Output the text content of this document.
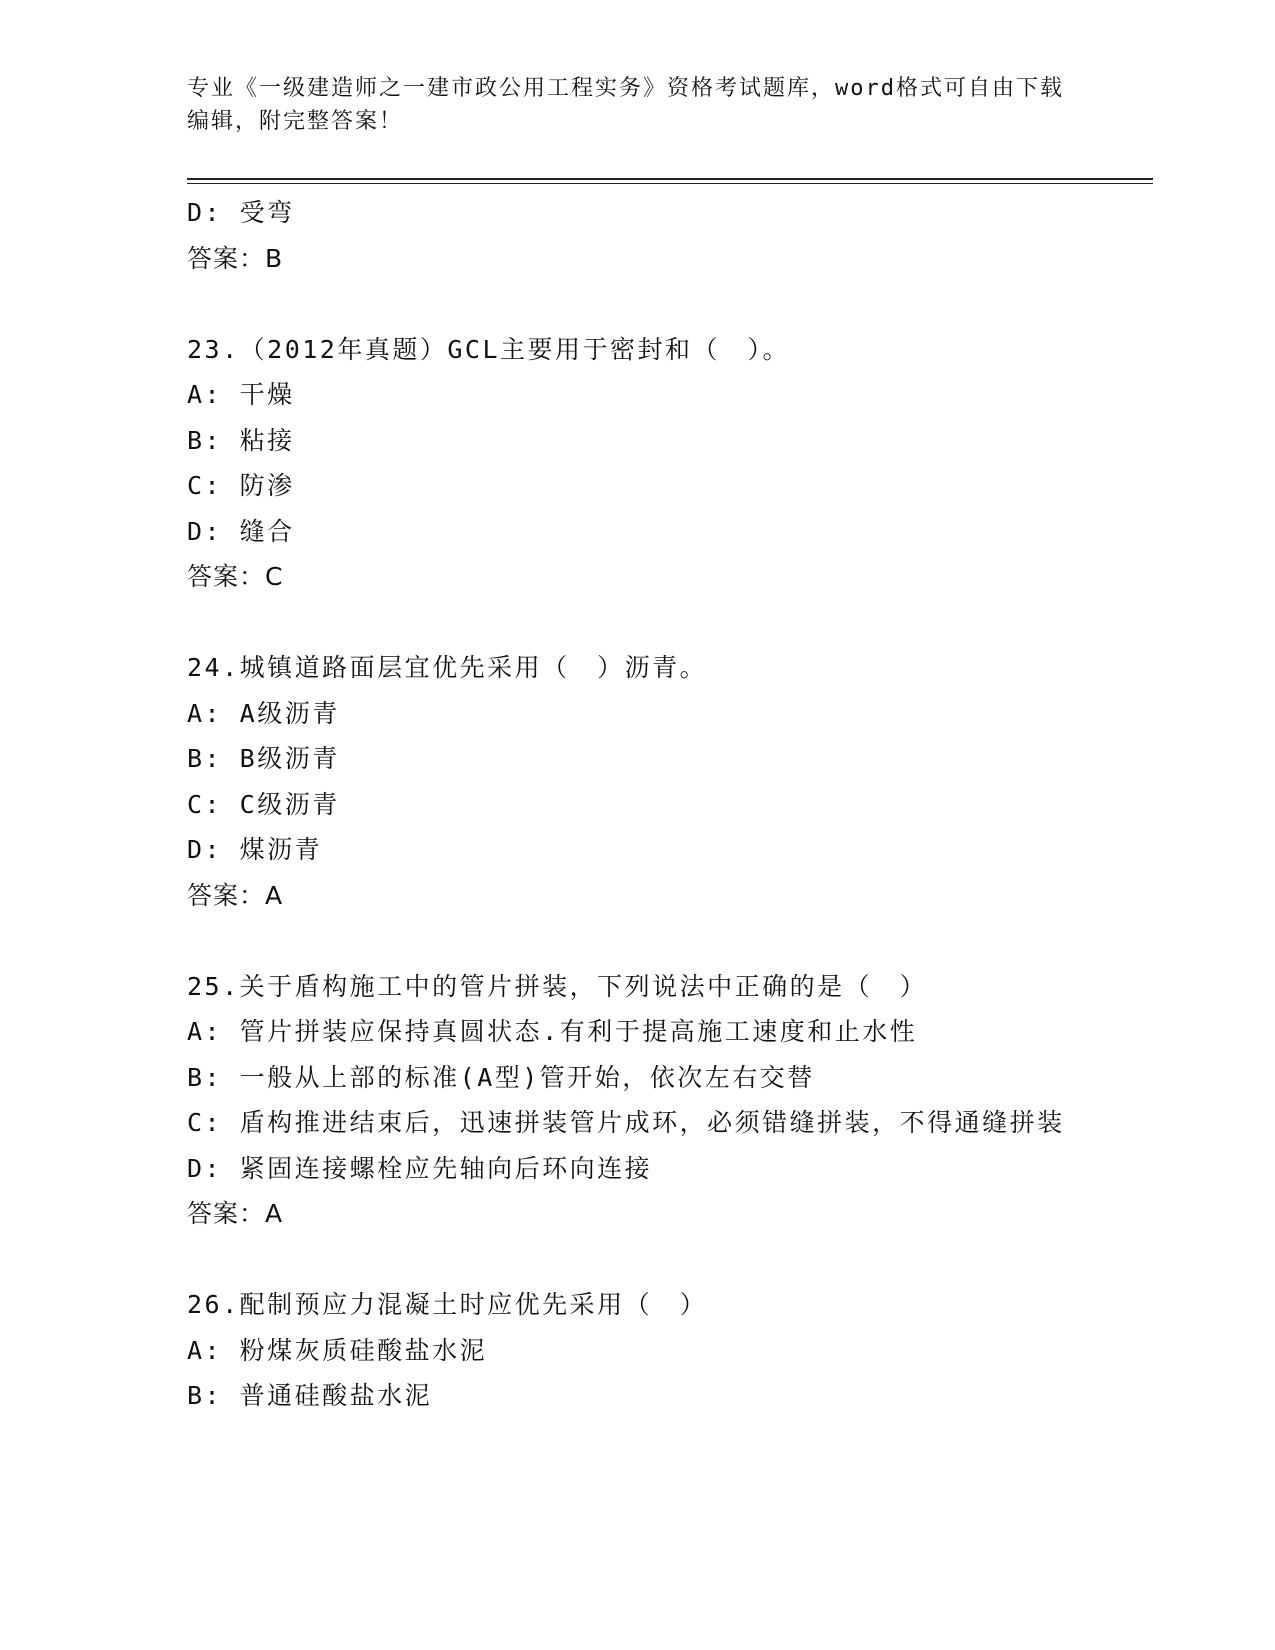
专业《一级建造师之一建市政公用工程实务》资格考试题库，word格式可自由下载编辑，附完整答案！
D: 受弯
答案：B
23.（2012年真题）GCL主要用于密封和（　）。
A: 干燥
B: 粘接
C: 防渗
D: 缝合
答案：C
24.城镇道路面层宜优先采用（　）沥青。
A: A级沥青
B: B级沥青
C: C级沥青
D: 煤沥青
答案：A
25.关于盾构施工中的管片拼装，下列说法中正确的是（　）
A: 管片拼装应保持真圆状态.有利于提高施工速度和止水性
B: 一般从上部的标准(A型)管开始，依次左右交替
C: 盾构推进结束后，迅速拼装管片成环，必须错缝拼装，不得通缝拼装
D: 紧固连接螺栓应先轴向后环向连接
答案：A
26.配制预应力混凝土时应优先采用（　）
A: 粉煤灰质硅酸盐水泥
B: 普通硅酸盐水泥
